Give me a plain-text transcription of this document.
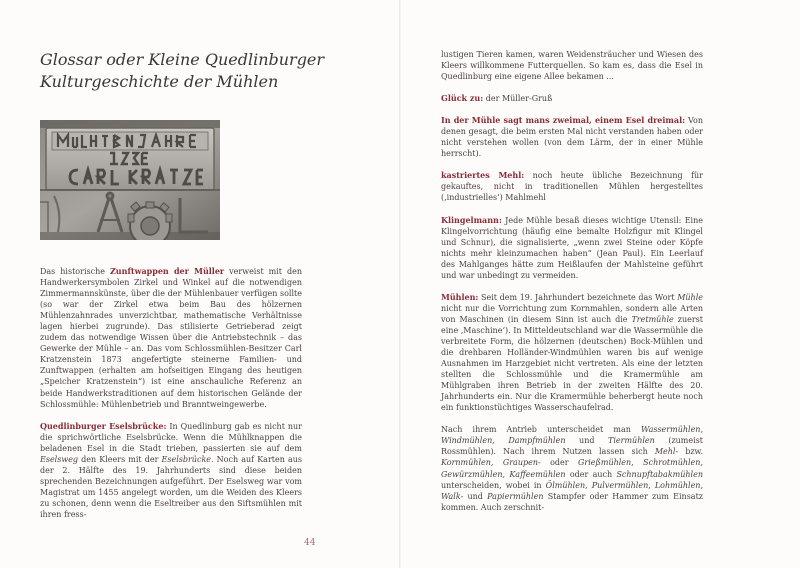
Glossar oder Kleine Quedlinburger
Kulturgeschichte der Mühlen

Das historische Zunftwappen der Müller verweist mit den Handwerkersymbolen Zirkel und Winkel auf die notwendigen Zimmermannskünste, über die der Mühlenbauer verfügen sollte (so war der Zirkel etwa beim Bau des hölzernen Mühlenzahnrades unverzichtbar, mathematische Verhältnisse lagen hierbei zugrunde). Das stilisierte Getrieberad zeigt zudem das notwendige Wissen über die Antriebstechnik – das Gewerke der Mühle – an. Das vom Schlossmühlen-Besitzer Carl Kratzenstein 1873 angefertigte steinerne Familien- und Zunftwappen (erhalten am hofseitigen Eingang des heutigen „Speicher Kratzenstein“) ist eine anschauliche Referenz an beide Handwerkstraditionen auf dem historischen Gelände der Schlossmühle: Mühlenbetrieb und Branntweingewerbe.

Quedlinburger Eselsbrücke: In Quedlinburg gab es nicht nur die sprichwörtliche Eselsbrücke. Wenn die Mühlknappen die beladenen Esel in die Stadt trieben, passierten sie auf dem Eselsweg den Kleers mit der Eselsbrücke. Noch auf Karten aus der 2. Hälfte des 19. Jahrhunderts sind diese beiden sprechenden Bezeichnungen aufgeführt. Der Eselsweg war vom Magistrat um 1455 angelegt worden, um die Weiden des Kleers zu schonen, denn wenn die Eseltreiber aus den Siftsmühlen mit ihren fress-

44

lustigen Tieren kamen, waren Weidensträucher und Wiesen des Kleers willkommene Futterquellen. So kam es, dass die Esel in Quedlinburg eine eigene Allee bekamen ...

Glück zu: der Müller-Gruß

In der Mühle sagt mans zweimal, einem Esel dreimal: Von denen gesagt, die beim ersten Mal nicht verstanden haben oder nicht verstehen wollen (von dem Lärm, der in einer Mühle herrscht).

kastriertes Mehl: noch heute übliche Bezeichnung für gekauftes, nicht in traditionellen Mühlen hergestelltes (‚industrielles‘) Mahlmehl

Klingelmann: Jede Mühle besaß dieses wichtige Utensil: Eine Klingelvorrichtung (häufig eine bemalte Holzfigur mit Klingel und Schnur), die signalisierte, „wenn zwei Steine oder Köpfe nichts mehr kleinzumachen haben“ (Jean Paul). Ein Leerlauf des Mahlganges hätte zum Heißlaufen der Mahlsteine geführt und war unbedingt zu vermeiden.

Mühlen: Seit dem 19. Jahrhundert bezeichnete das Wort Mühle nicht nur die Vorrichtung zum Kornmahlen, sondern alle Arten von Maschinen (in diesem Sinn ist auch die Tretmühle zuerst eine ‚Maschine‘). In Mitteldeutschland war die Wassermühle die verbreitete Form, die hölzernen (deutschen) Bock-Mühlen und die drehbaren Holländer-Windmühlen waren bis auf wenige Ausnahmen im Harzgebiet nicht vertreten. Als eine der letzten stellten die Schlossmühle und die Kramermühle am Mühlgraben ihren Betrieb in der zweiten Hälfte des 20. Jahrhunderts ein. Nur die Kramermühle beherbergt heute noch ein funktionstüchtiges Wasserschaufelrad.

Nach ihrem Antrieb unterscheidet man Wassermühlen, Windmühlen, Dampfmühlen und Tiermühlen (zumeist Rossmühlen). Nach ihrem Nutzen lassen sich Mehl- bzw. Kornmühlen, Graupen- oder Grießmühlen, Schrotmühlen, Gewürzmühlen, Kaffeemühlen oder auch Schnupftabakmühlen unterscheiden, wobei in Ölmühlen, Pulvermühlen, Lohmühlen, Walk- und Papiermühlen Stampfer oder Hammer zum Einsatz kommen. Auch zerschnit-
